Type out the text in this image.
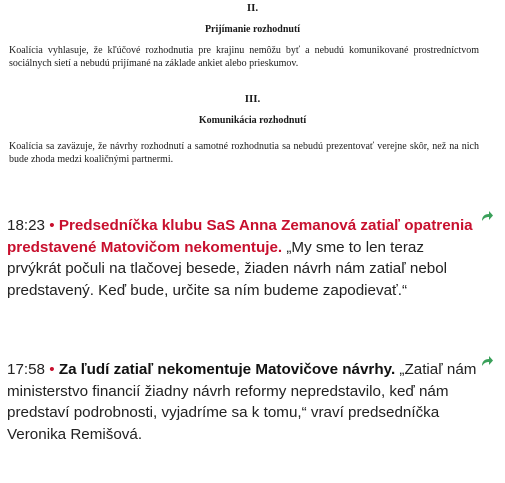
II.
Prijímanie rozhodnutí
Koalícia vyhlasuje, že kľúčové rozhodnutia pre krajinu nemôžu byť a nebudú komunikované prostredníctvom sociálnych sietí a nebudú prijímané na základe ankiet alebo prieskumov.
III.
Komunikácia rozhodnutí
Koalícia sa zaväzuje, že návrhy rozhodnutí a samotné rozhodnutia sa nebudú prezentovať verejne skôr, než na nich bude zhoda medzi koaličnými partnermi.
18:23 • Predsedníčka klubu SaS Anna Zemanová zatiaľ opatrenia predstavené Matovičom nekomentuje. „My sme to len teraz prvýkrát počuli na tlačovej besede, žiaden návrh nám zatiaľ nebol predstavený. Keď bude, určite sa ním budeme zapodievať.“
17:58 • Za ľudí zatiaľ nekomentuje Matovičove návrhy. „Zatiaľ nám ministerstvo financií žiadny návrh reformy nepredstavilo, keď nám predstaví podrobnosti, vyjadríme sa k tomu,“ vraví predsedníčka Veronika Remišová.
